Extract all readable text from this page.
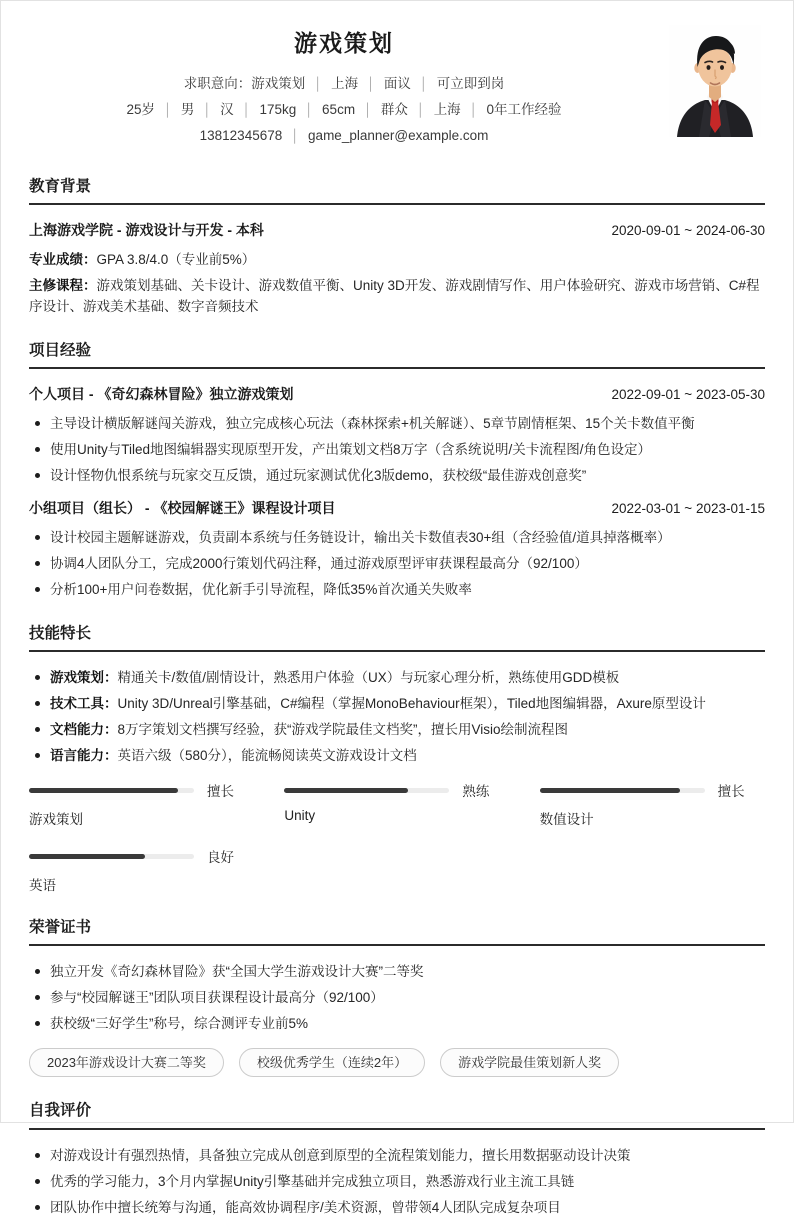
游戏策划
求职意向：游戏策划 │ 上海 │ 面议 │ 可立即到岗
25岁 │ 男 │ 汉 │ 175kg │ 65cm │ 群众 │ 上海 │ 0年工作经验
13812345678 │ game_planner@example.com
教育背景
上海游戏学院 - 游戏设计与开发 - 本科	2020-09-01 ~ 2024-06-30

专业成绩：GPA 3.8/4.0（专业前5%）

主修课程：游戏策划基础、关卡设计、游戏数值平衡、Unity 3D开发、游戏剧情写作、用户体验研究、游戏市场营销、C#程序设计、游戏美术基础、数字音频技术

项目经验
个人项目 - 《奇幻森林冒险》独立游戏策划	2022-09-01 ~ 2023-05-30
主导设计横版解谜闯关游戏，独立完成核心玩法（森林探索+机关解谜）、5章节剧情框架、15个关卡数值平衡
使用Unity与Tiled地图编辑器实现原型开发，产出策划文档8万字（含系统说明/关卡流程图/角色设定）
设计怪物仇恨系统与玩家交互反馈，通过玩家测试优化3版demo，获校级“最佳游戏创意奖”
小组项目（组长） - 《校园解谜王》课程设计项目	2022-03-01 ~ 2023-01-15
设计校园主题解谜游戏，负责副本系统与任务链设计，输出关卡数值表30+组（含经验值/道具掉落概率）
协调4人团队分工，完成2000行策划代码注释，通过游戏原型评审获课程最高分（92/100）
分析100+用户问卷数据，优化新手引导流程，降低35%首次通关失败率
技能特长
游戏策划：精通关卡/数值/剧情设计，熟悉用户体验（UX）与玩家心理分析，熟练使用GDD模板
技术工具：Unity 3D/Unreal引擎基础，C#编程（掌握MonoBehaviour框架），Tiled地图编辑器，Axure原型设计
文档能力：8万字策划文档撰写经验，获“游戏学院最佳文档奖”，擅长用Visio绘制流程图
语言能力：英语六级（580分），能流畅阅读英文游戏设计文档
擅长
游戏策划
熟练
Unity
擅长
数值设计
良好
英语
荣誉证书
独立开发《奇幻森林冒险》获“全国大学生游戏设计大赛”二等奖
参与“校园解谜王”团队项目获课程设计最高分（92/100）
获校级“三好学生”称号，综合测评专业前5%
2023年游戏设计大赛二等奖	校级优秀学生（连续2年）	游戏学院最佳策划新人奖
自我评价
对游戏设计有强烈热情，具备独立完成从创意到原型的全流程策划能力，擅长用数据驱动设计决策
优秀的学习能力，3个月内掌握Unity引擎基础并完成独立项目，熟悉游戏行业主流工具链
团队协作中擅长统筹与沟通，能高效协调程序/美术资源，曾带领4人团队完成复杂项目
